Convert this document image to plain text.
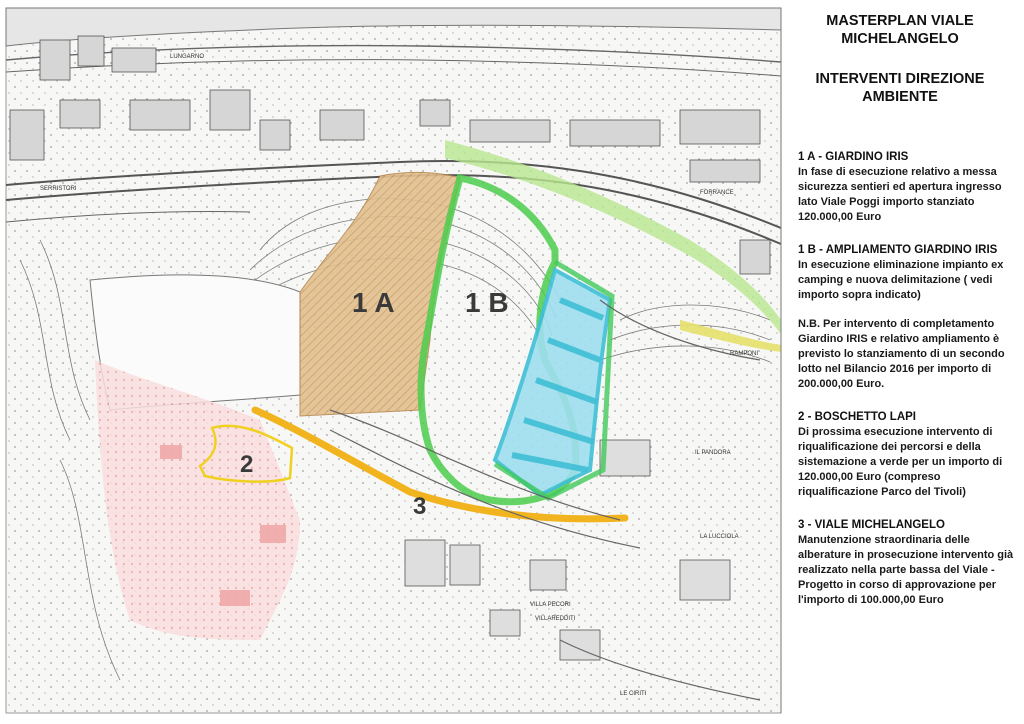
1 A	1 B
2
3
LUNGARNO
SERRISTORI
IL PANDORA
LA LUCCIOLA
VILLA PECORI
VILLAREDDITI
LE CIRITI
RAMPONI
FORRANCE

MASTERPLAN VIALE MICHELANGELO

INTERVENTI DIREZIONE AMBIENTE

1 A - GIARDINO IRIS

In fase di esecuzione relativo a messa sicurezza sentieri ed apertura ingresso lato Viale Poggi importo stanziato 120.000,00 Euro

1 B - AMPLIAMENTO GIARDINO IRIS

In esecuzione eliminazione impianto ex camping e nuova delimitazione ( vedi importo sopra indicato)

N.B. Per intervento di completamento Giardino IRIS e relativo ampliamento è previsto lo stanziamento di un secondo lotto nel Bilancio 2016 per importo di 200.000,00 Euro.

2 - BOSCHETTO LAPI

Di prossima esecuzione intervento di riqualificazione dei percorsi e della sistemazione a verde per un importo di 120.000,00 Euro (compreso riqualificazione Parco del Tivoli)

3 - VIALE MICHELANGELO

Manutenzione straordinaria delle alberature in prosecuzione intervento già realizzato nella parte bassa del Viale - Progetto in corso di approvazione per l'importo di 100.000,00 Euro
